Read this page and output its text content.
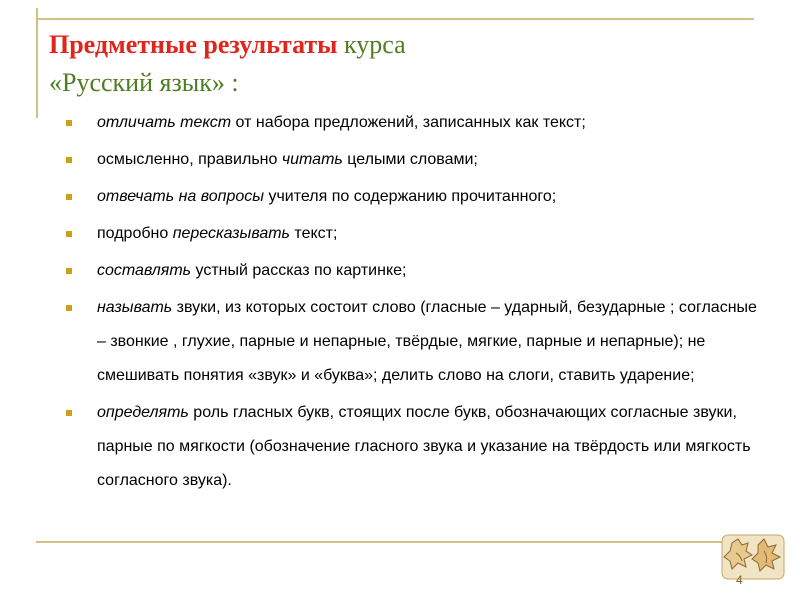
Предметные результаты курса
«Русский язык» :
отличать текст от набора предложений, записанных как текст;
осмысленно, правильно читать целыми словами;
отвечать на вопросы учителя по содержанию прочитанного;
подробно пересказывать текст;
составлять устный рассказ по картинке;
называть звуки, из которых состоит слово (гласные – ударный, безударные ; согласные – звонкие , глухие, парные и непарные, твёрдые, мягкие, парные и непарные); не смешивать понятия «звук» и «буква»; делить слово на слоги, ставить ударение;
определять роль гласных букв, стоящих после букв, обозначающих согласные звуки, парные по мягкости (обозначение гласного звука и указание на твёрдость или мягкость согласного звука).
4
